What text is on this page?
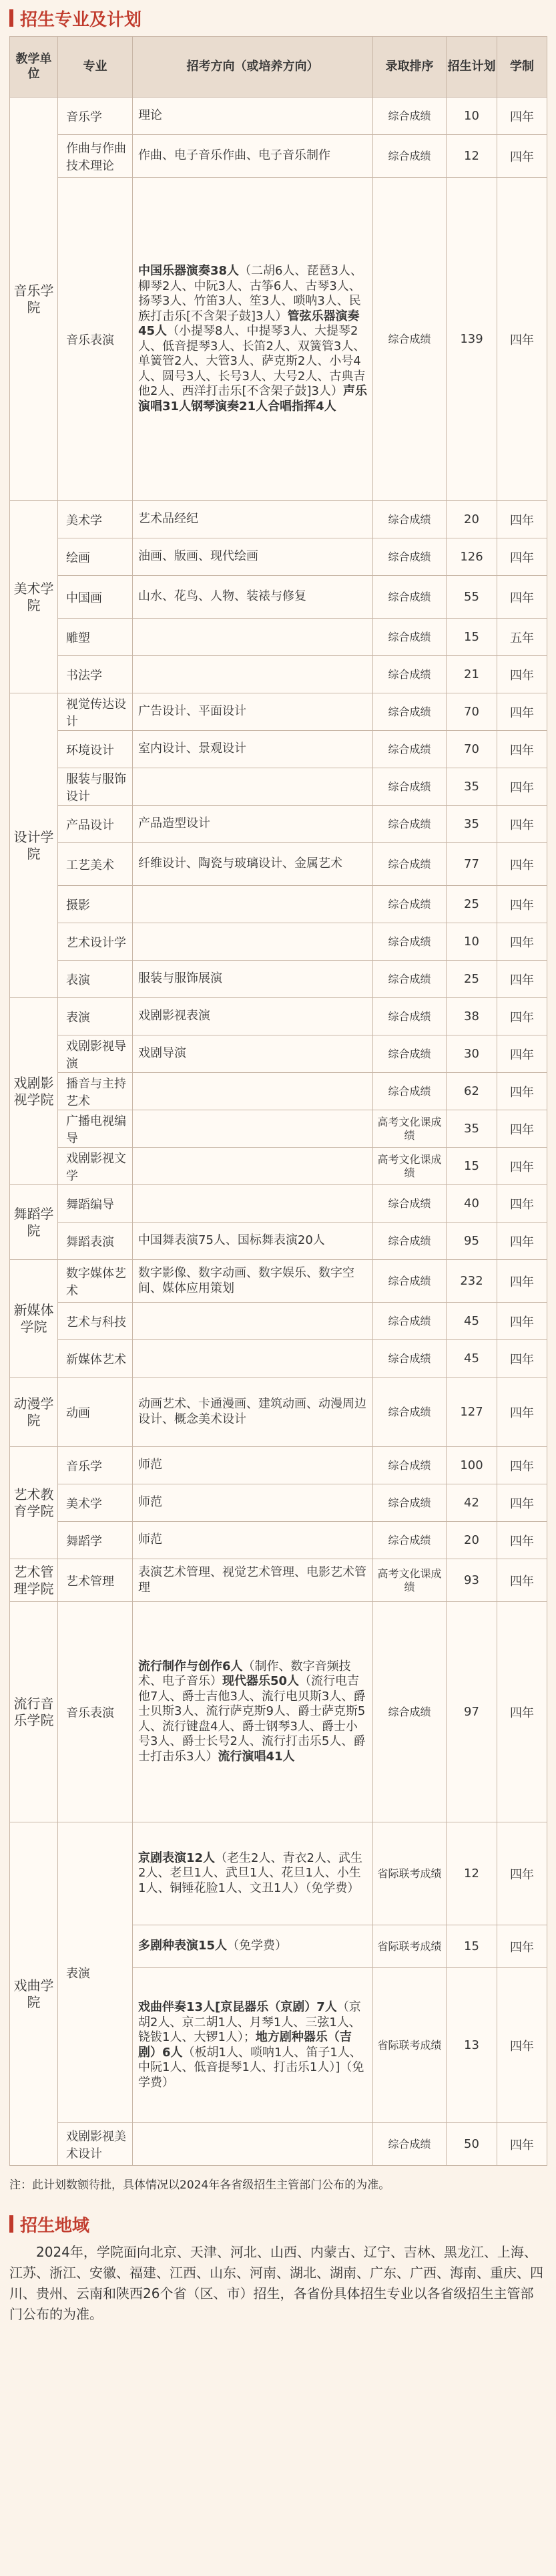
招生专业及计划
教学单位	专业	招考方向（或培养方向）	录取排序	招生计划	学制
音乐学院	音乐学	理论	综合成绩	10	四年
	作曲与作曲技术理论	作曲、电子音乐作曲、电子音乐制作	综合成绩	12	四年
	音乐表演	中国乐器演奏38人（二胡6人、琵琶3人、柳琴2人、中阮3人、古筝6人、古琴3人、扬琴3人、竹笛3人、笙3人、唢呐3人、民族打击乐[不含架子鼓]3人）管弦乐器演奏45人（小提琴8人、中提琴3人、大提琴2人、低音提琴3人、长笛2人、双簧管3人、单簧管2人、大管3人、萨克斯2人、小号4人、圆号3人、长号3人、大号2人、古典吉他2人、西洋打击乐[不含架子鼓]3人）声乐演唱31人钢琴演奏21人合唱指挥4人	综合成绩	139	四年
美术学院	美术学	艺术品经纪	综合成绩	20	四年
	绘画	油画、版画、现代绘画	综合成绩	126	四年
	中国画	山水、花鸟、人物、装裱与修复	综合成绩	55	四年
	雕塑		综合成绩	15	五年
	书法学		综合成绩	21	四年
设计学院	视觉传达设计	广告设计、平面设计	综合成绩	70	四年
	环境设计	室内设计、景观设计	综合成绩	70	四年
	服装与服饰设计		综合成绩	35	四年
	产品设计	产品造型设计	综合成绩	35	四年
	工艺美术	纤维设计、陶瓷与玻璃设计、金属艺术	综合成绩	77	四年
	摄影		综合成绩	25	四年
	艺术设计学		综合成绩	10	四年
	表演	服装与服饰展演	综合成绩	25	四年
戏剧影视学院	表演	戏剧影视表演	综合成绩	38	四年
	戏剧影视导演	戏剧导演	综合成绩	30	四年
	播音与主持艺术		综合成绩	62	四年
	广播电视编导		高考文化课成绩	35	四年
	戏剧影视文学		高考文化课成绩	15	四年
舞蹈学院	舞蹈编导		综合成绩	40	四年
	舞蹈表演	中国舞表演75人、国标舞表演20人	综合成绩	95	四年
新媒体学院	数字媒体艺术	数字影像、数字动画、数字娱乐、数字空间、媒体应用策划	综合成绩	232	四年
	艺术与科技		综合成绩	45	四年
	新媒体艺术		综合成绩	45	四年
动漫学院	动画	动画艺术、卡通漫画、建筑动画、动漫周边设计、概念美术设计	综合成绩	127	四年
艺术教育学院	音乐学	师范	综合成绩	100	四年
	美术学	师范	综合成绩	42	四年
	舞蹈学	师范	综合成绩	20	四年
艺术管理学院	艺术管理	表演艺术管理、视觉艺术管理、电影艺术管理	高考文化课成绩	93	四年
流行音乐学院	音乐表演	流行制作与创作6人（制作、数字音频技术、电子音乐）现代器乐50人（流行电吉他7人、爵士吉他3人、流行电贝斯3人、爵士贝斯3人、流行萨克斯9人、爵士萨克斯5人、流行键盘4人、爵士钢琴3人、爵士小号3人、爵士长号2人、流行打击乐5人、爵士打击乐3人）流行演唱41人	综合成绩	97	四年
戏曲学院	表演	京剧表演12人（老生2人、青衣2人、武生2人、老旦1人、武旦1人、花旦1人、小生1人、铜锤花脸1人、文丑1人）（免学费）	省际联考成绩	12	四年
		多剧种表演15人（免学费）	省际联考成绩	15	四年
		戏曲伴奏13人[京昆器乐（京剧）7人（京胡2人、京二胡1人、月琴1人、三弦1人、铙钹1人、大锣1人）；地方剧种器乐（吉剧）6人（板胡1人、唢呐1人、笛子1人、中阮1人、低音提琴1人、打击乐1人）]（免学费）	省际联考成绩	13	四年
	戏剧影视美术设计		综合成绩	50	四年
注：此计划数额待批，具体情况以2024年各省级招生主管部门公布的为准。
招生地域

2024年，学院面向北京、天津、河北、山西、内蒙古、辽宁、吉林、黑龙江、上海、江苏、浙江、安徽、福建、江西、山东、河南、湖北、湖南、广东、广西、海南、重庆、四川、贵州、云南和陕西26个省（区、市）招生，各省份具体招生专业以各省级招生主管部门公布的为准。
